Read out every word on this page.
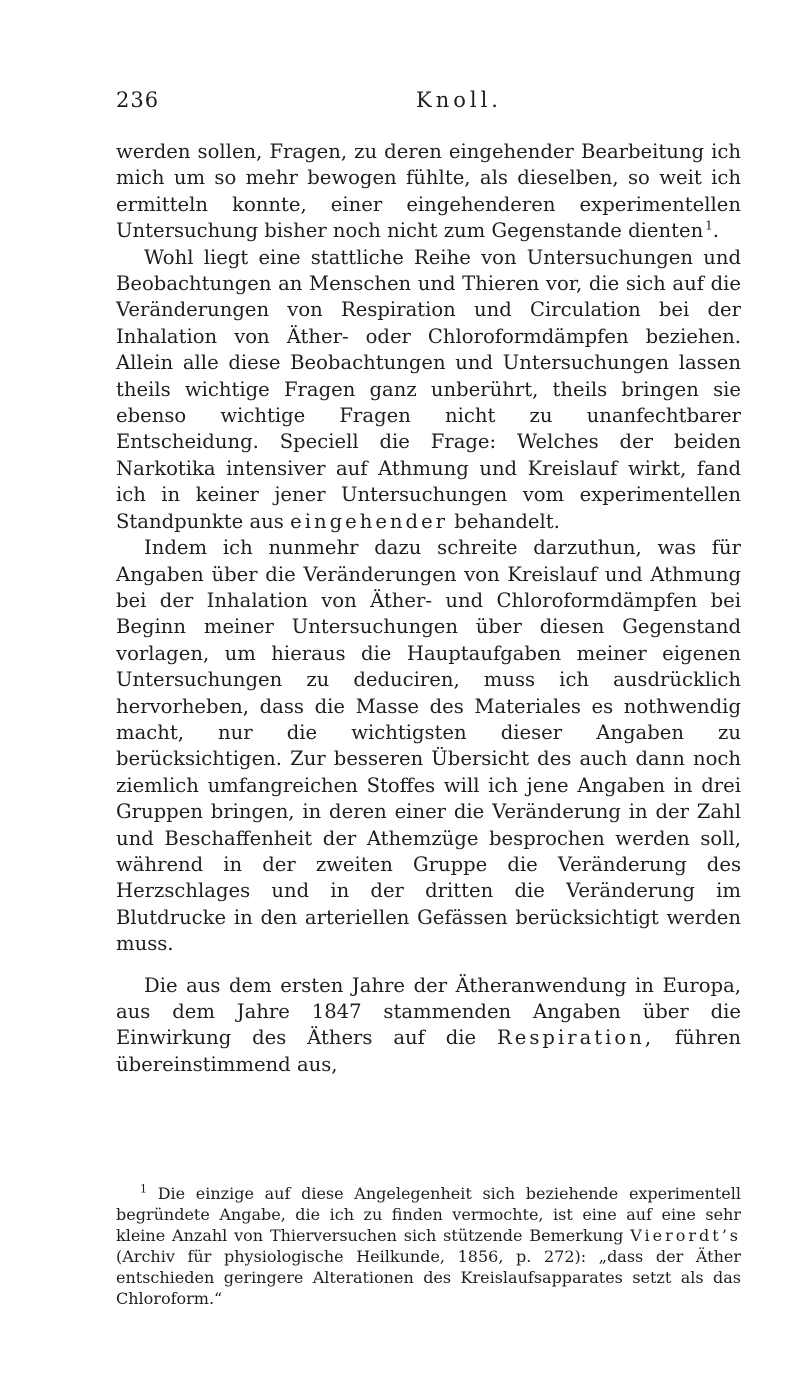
236	Knoll.

werden sollen, Fragen, zu deren eingehender Bearbeitung ich mich um so mehr bewogen fühlte, als dieselben, so weit ich ermitteln konnte, einer eingehenderen experimentellen Untersuchung bisher noch nicht zum Gegenstande dienten  $^1$.

Wohl liegt eine stattliche Reihe von Untersuchungen und Beobachtungen an Menschen und Thieren vor, die sich auf die Veränderungen von Respiration und Circulation bei der Inhalation von Äther- oder Chloroformdämpfen beziehen. Allein alle diese Beobachtungen und Untersuchungen lassen theils wichtige Fragen ganz unberührt, theils bringen sie ebenso wichtige Fragen nicht zu unanfechtbarer Entscheidung. Speciell die Frage: Welches der beiden Narkotika intensiver auf Athmung und Kreislauf wirkt, fand ich in keiner jener Untersuchungen vom experimentellen Standpunkte aus eingehender behandelt.

Indem ich nunmehr dazu schreite darzuthun, was für Angaben über die Veränderungen von Kreislauf und Athmung bei der Inhalation von Äther- und Chloroformdämpfen bei Beginn meiner Untersuchungen über diesen Gegenstand vorlagen, um hieraus die Hauptaufgaben meiner eigenen Untersuchungen zu deduciren, muss ich ausdrücklich hervorheben, dass die Masse des Materiales es nothwendig macht, nur die wichtigsten dieser Angaben zu berücksichtigen. Zur besseren Übersicht des auch dann noch ziemlich umfangreichen Stoffes will ich jene Angaben in drei Gruppen bringen, in deren einer die Veränderung in der Zahl und Beschaffenheit der Athemzüge besprochen werden soll, während in der zweiten Gruppe die Veränderung des Herzschlages und in der dritten die Veränderung im Blutdrucke in den arteriellen Gefässen berücksichtigt werden muss.

Die aus dem ersten Jahre der Ätheranwendung in Europa, aus dem Jahre 1847 stammenden Angaben über die Einwirkung des Äthers auf die Respiration, führen übereinstimmend aus,

$^1$ Die einzige auf diese Angelegenheit sich beziehende experimentell begründete Angabe, die ich zu finden vermochte, ist eine auf eine sehr kleine Anzahl von Thierversuchen sich stützende Bemerkung Vierordt’s (Archiv für physiologische Heilkunde, 1856, p. 272): „dass der Äther entschieden geringere Alterationen des Kreislaufsapparates setzt als das Chloroform.“
